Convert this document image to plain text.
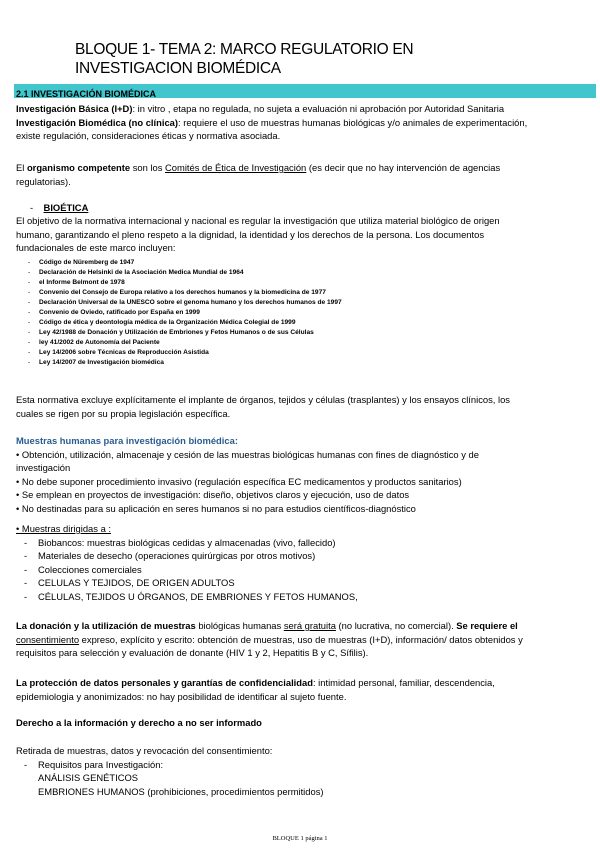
BLOQUE 1- TEMA 2: MARCO REGULATORIO EN
INVESTIGACION BIOMÉDICA
2.1 INVESTIGACIÓN BIOMÉDICA

Investigación Básica (I+D): in vitro , etapa no regulada, no sujeta a evaluación ni aprobación por Autoridad Sanitaria

Investigación Biomédica (no clínica): requiere el uso de muestras humanas biológicas y/o animales de experimentación,

existe regulación, consideraciones éticas y normativa asociada.

El organismo competente son los Comités de Ética de Investigación (es decir que no hay intervención de agencias

regulatorias).

-    BIOÉTICA

El objetivo de la normativa internacional y nacional es regular la investigación que utiliza material biológico de origen

humano, garantizando el pleno respeto a la dignidad, la identidad y los derechos de la persona. Los documentos

fundacionales de este marco incluyen:

- Código de Nüremberg de 1947
- Declaración de Helsinki de la Asociación Medica Mundial de 1964
- el Informe Belmont de 1978
- Convenio del Consejo de Europa relativo a los derechos humanos y la biomedicina de 1977
- Declaración Universal de la UNESCO sobre el genoma humano y los derechos humanos de 1997
- Convenio de Oviedo, ratificado por España en 1999
- Código de ética y deontología médica de la Organización Médica Colegial de 1999
- Ley 42/1988 de Donación y Utilización de Embriones y Fetos Humanos o de sus Células
- ley 41/2002 de Autonomía del Paciente
- Ley 14/2006 sobre Técnicas de Reproducción Asistida
- Ley 14/2007 de Investigación biomédica

Esta normativa excluye explícitamente el implante de órganos, tejidos y células (trasplantes) y los ensayos clínicos, los

cuales se rigen por su propia legislación específica.

Muestras humanas para investigación biomédica:

• Obtención, utilización, almacenaje y cesión de las muestras biológicas humanas con fines de diagnóstico y de

investigación

• No debe suponer procedimiento invasivo (regulación específica EC medicamentos y productos sanitarios)

• Se emplean en proyectos de investigación: diseño, objetivos claros y ejecución, uso de datos

• No destinadas para su aplicación en seres humanos si no para estudios científicos-diagnóstico

• Muestras dirigidas a :

- Biobancos: muestras biológicas cedidas y almacenadas (vivo, fallecido)
- Materiales de desecho (operaciones quirúrgicas por otros motivos)
- Colecciones comerciales
- CELULAS Y TEJIDOS, DE ORIGEN ADULTOS
- CÉLULAS, TEJIDOS U ÓRGANOS, DE EMBRIONES Y FETOS HUMANOS,

La donación y la utilización de muestras biológicas humanas será gratuita (no lucrativa, no comercial). Se requiere el

consentimiento expreso, explícito y escrito: obtención de muestras, uso de muestras (I+D), información/ datos obtenidos y

requisitos para selección y evaluación de donante (HIV 1 y 2, Hepatitis B y C, Sífilis).

La protección de datos personales y garantías de confidencialidad: intimidad personal, familiar, descendencia,

epidemiologia y anonimizados: no hay posibilidad de identificar al sujeto fuente.

Derecho a la información y derecho a no ser informado

Retirada de muestras, datos y revocación del consentimiento:

- Requisitos para Investigación:
ANÁLISIS GENÉTICOS
EMBRIONES HUMANOS (prohibiciones, procedimientos permitidos)
BLOQUE 1 página 1
